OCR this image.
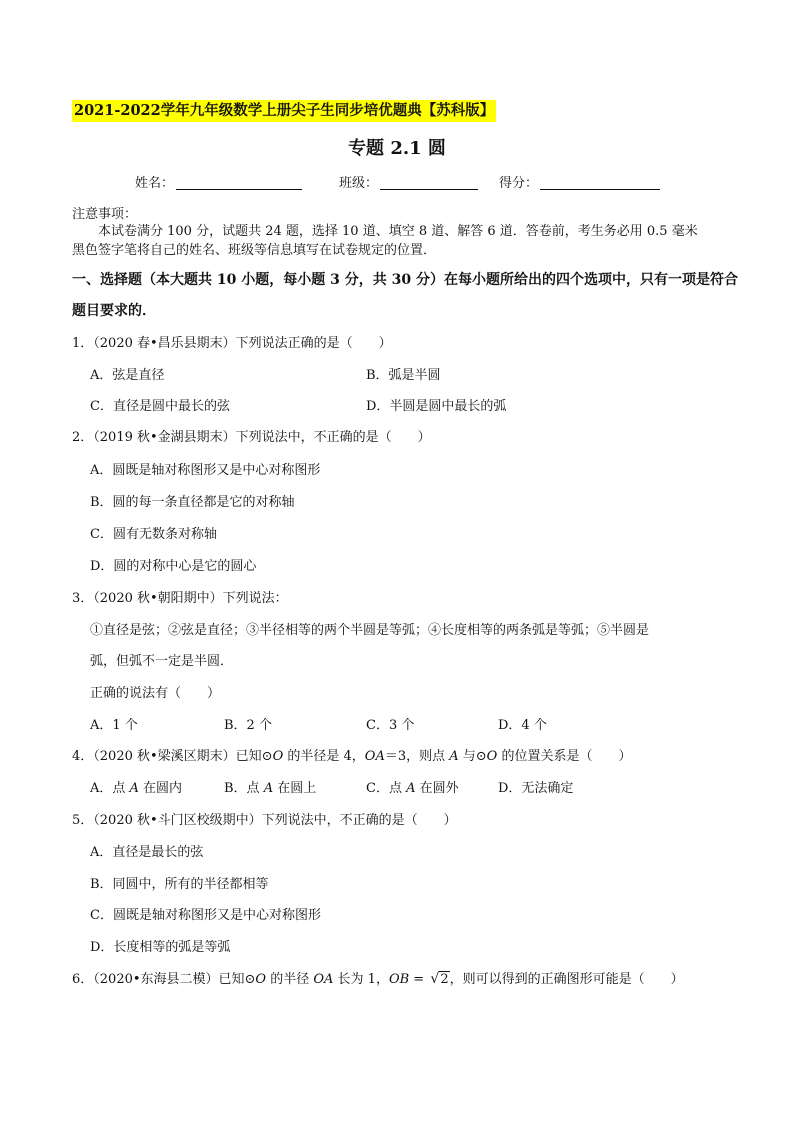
2021-2022学年九年级数学上册尖子生同步培优题典【苏科版】
专题 2.1 圆
姓名：	班级：	得分：
注意事项：
本试卷满分 100 分，试题共 24 题，选择 10 道、填空 8 道、解答 6 道．答卷前，考生务必用 0.5 毫米
黑色签字笔将自己的姓名、班级等信息填写在试卷规定的位置．
一、选择题（本大题共 10 小题，每小题 3 分，共 30 分）在每小题所给出的四个选项中，只有一项是符合
题目要求的．
1．（2020 春•昌乐县期末）下列说法正确的是（　　）
A．弦是直径	B．弧是半圆
C．直径是圆中最长的弦	D．半圆是圆中最长的弧
2．（2019 秋•金湖县期末）下列说法中，不正确的是（　　）
A．圆既是轴对称图形又是中心对称图形
B．圆的每一条直径都是它的对称轴
C．圆有无数条对称轴
D．圆的对称中心是它的圆心
3．（2020 秋•朝阳期中）下列说法：
①直径是弦；②弦是直径；③半径相等的两个半圆是等弧；④长度相等的两条弧是等弧；⑤半圆是
弧，但弧不一定是半圆．
正确的说法有（　　）
A．1 个	B．2 个	C．3 个	D．4 个
4．（2020 秋•梁溪区期末）已知⊙O 的半径是 4，OA＝3，则点 A 与⊙O 的位置关系是（　　）
A．点 A 在圆内	B．点 A 在圆上	C．点 A 在圆外	D．无法确定
5．（2020 秋•斗门区校级期中）下列说法中，不正确的是（　　）
A．直径是最长的弦
B．同圆中，所有的半径都相等
C．圆既是轴对称图形又是中心对称图形
D．长度相等的弧是等弧
6．（2020•东海县二模）已知⊙O 的半径 OA 长为 1，OB = √ 2，则可以得到的正确图形可能是（　　）
